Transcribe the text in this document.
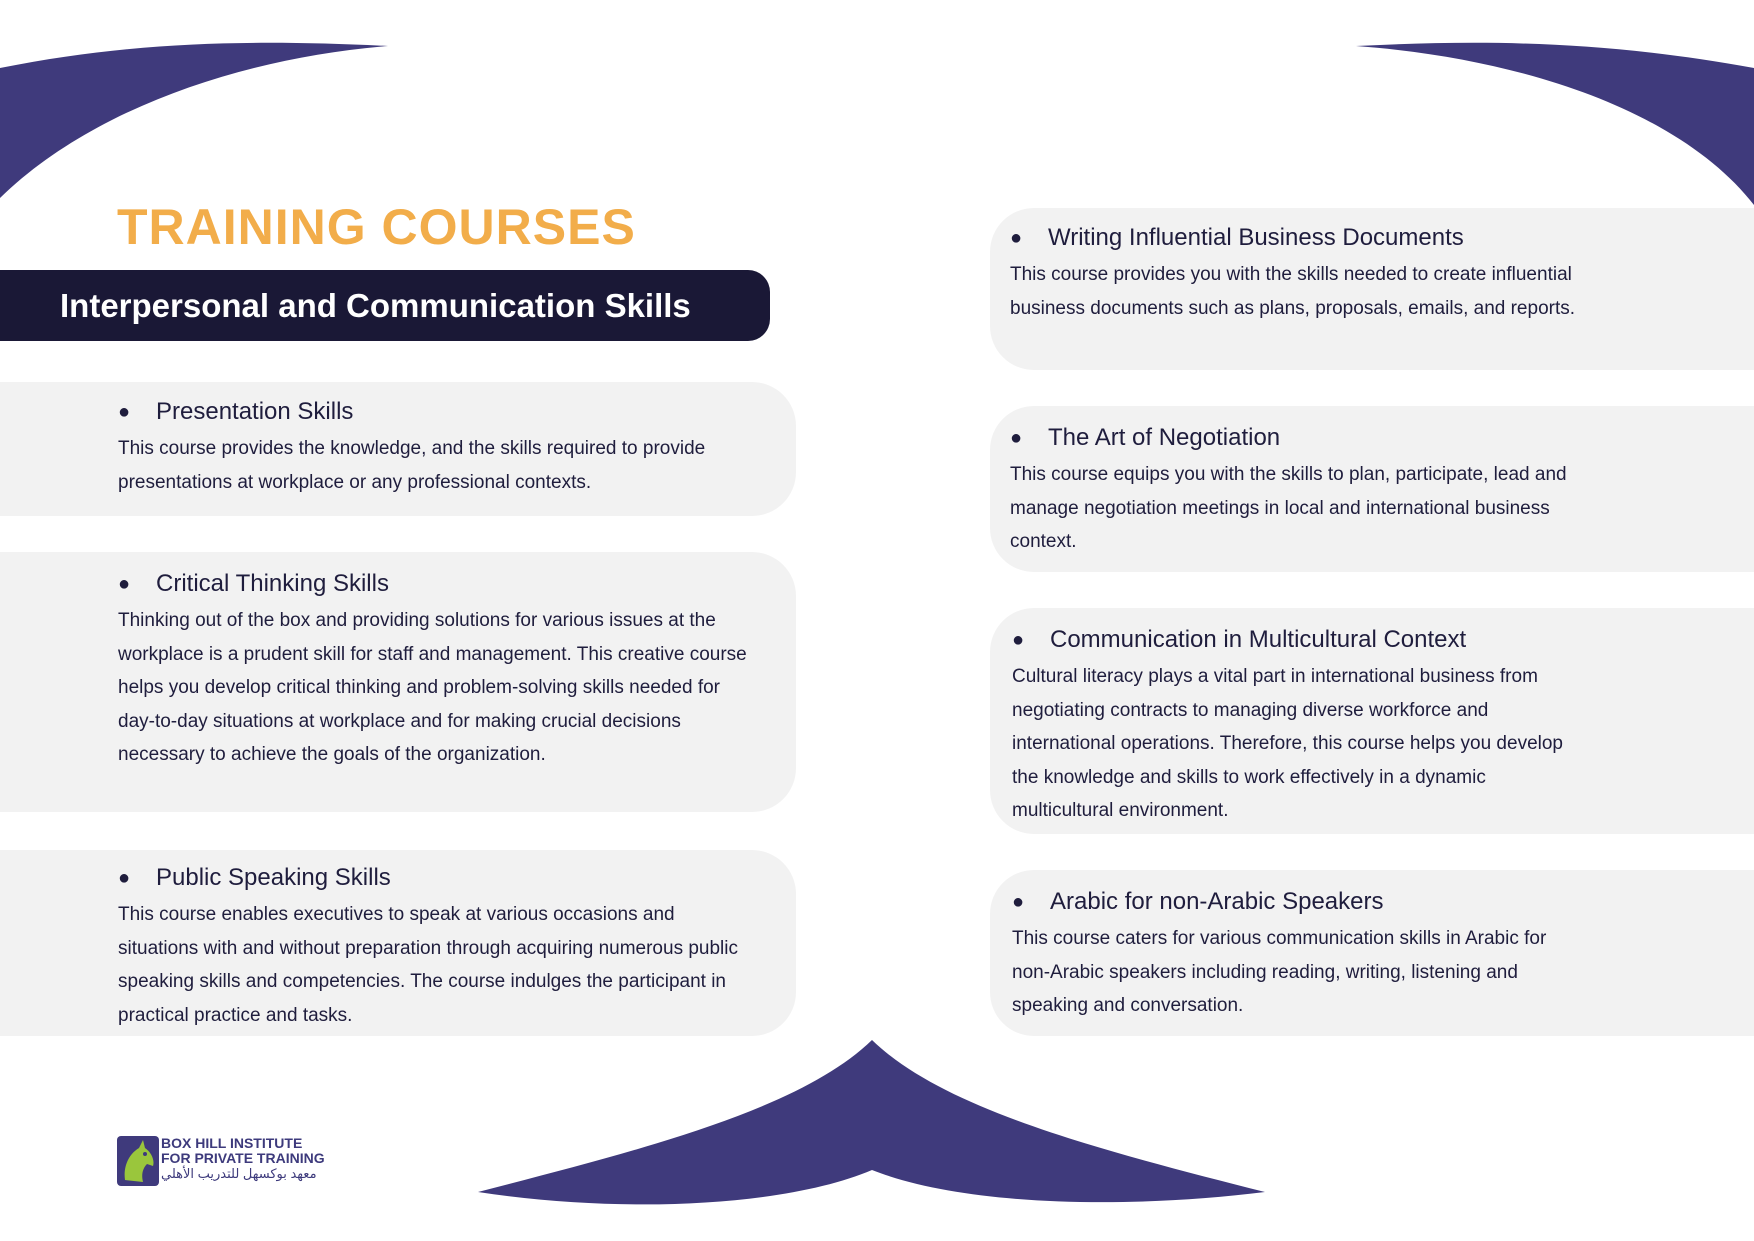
TRAINING COURSES
Interpersonal and Communication Skills
●	Presentation Skills

This course provides the knowledge, and the skills required to provide presentations at workplace or any professional contexts.

●	Critical Thinking Skills

Thinking out of the box and providing solutions for various issues at the workplace is a prudent skill for staff and management. This creative course helps you develop critical thinking and problem-solving skills needed for day-to-day situations at workplace and for making crucial decisions necessary to achieve the goals of the organization.

●	Public Speaking Skills

This course enables executives to speak at various occasions and situations with and without preparation through acquiring numerous public speaking skills and competencies. The course indulges the participant in practical practice and tasks.

●	Writing Influential Business Documents

This course provides you with the skills needed to create influential business documents such as plans, proposals, emails, and reports.

●	The Art of Negotiation

This course equips you with the skills to plan, participate, lead and manage negotiation meetings in local and international business context.

●	Communication in Multicultural Context

Cultural literacy plays a vital part in international business from negotiating contracts to managing diverse workforce and international operations. Therefore, this course helps you develop the knowledge and skills to work effectively in a dynamic multicultural environment.

●	Arabic for non-Arabic Speakers

This course caters for various communication skills in Arabic for non-Arabic speakers including reading, writing, listening and speaking and conversation.

BOX HILL INSTITUTE
FOR PRIVATE TRAINING
معهد بوكسهل للتدريب الأهلي
